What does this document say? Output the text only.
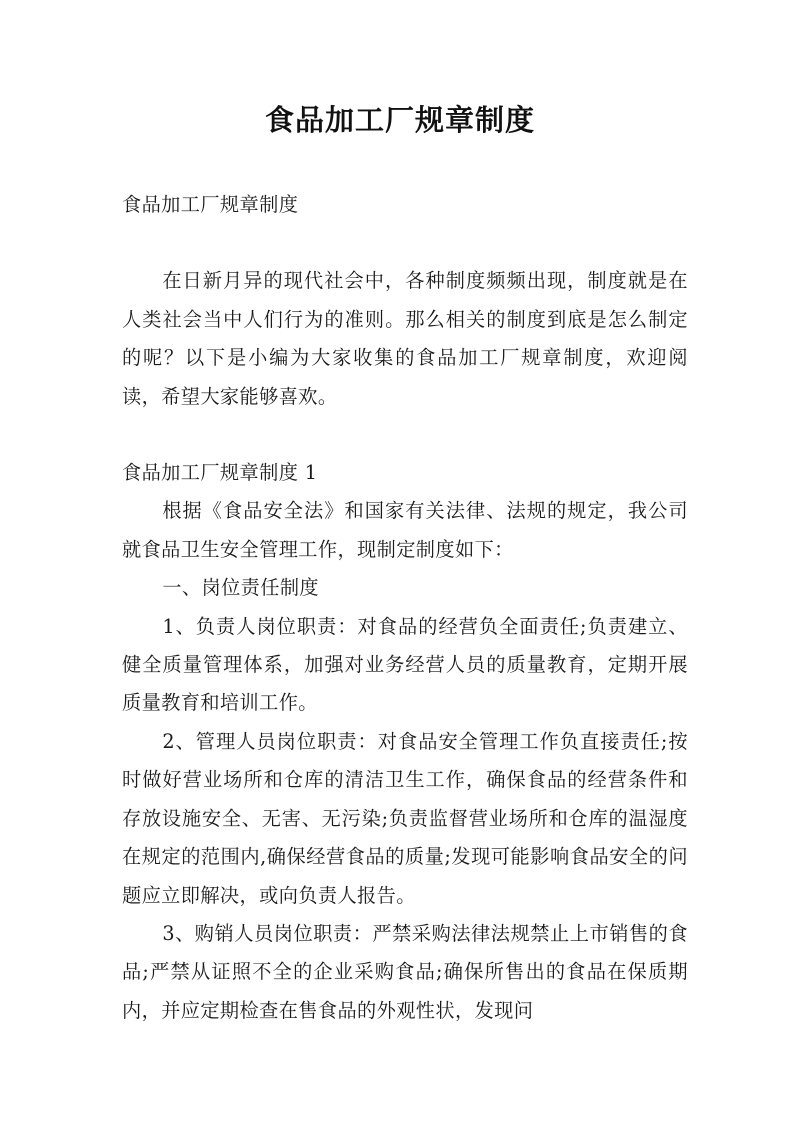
食品加工厂规章制度

食品加工厂规章制度

在日新月异的现代社会中，各种制度频频出现，制度就是在人类社会当中人们行为的准则。那么相关的制度到底是怎么制定的呢？以下是小编为大家收集的食品加工厂规章制度，欢迎阅读，希望大家能够喜欢。

食品加工厂规章制度 1

根据《食品安全法》和国家有关法律、法规的规定，我公司就食品卫生安全管理工作，现制定制度如下：

一、岗位责任制度

1、负责人岗位职责：对食品的经营负全面责任;负责建立、健全质量管理体系，加强对业务经营人员的质量教育，定期开展质量教育和培训工作。

2、管理人员岗位职责：对食品安全管理工作负直接责任;按时做好营业场所和仓库的清洁卫生工作，确保食品的经营条件和存放设施安全、无害、无污染;负责监督营业场所和仓库的温湿度在规定的范围内,确保经营食品的质量;发现可能影响食品安全的问题应立即解决，或向负责人报告。

3、购销人员岗位职责：严禁采购法律法规禁止上市销售的食品;严禁从证照不全的企业采购食品;确保所售出的食品在保质期内，并应定期检查在售食品的外观性状，发现问
